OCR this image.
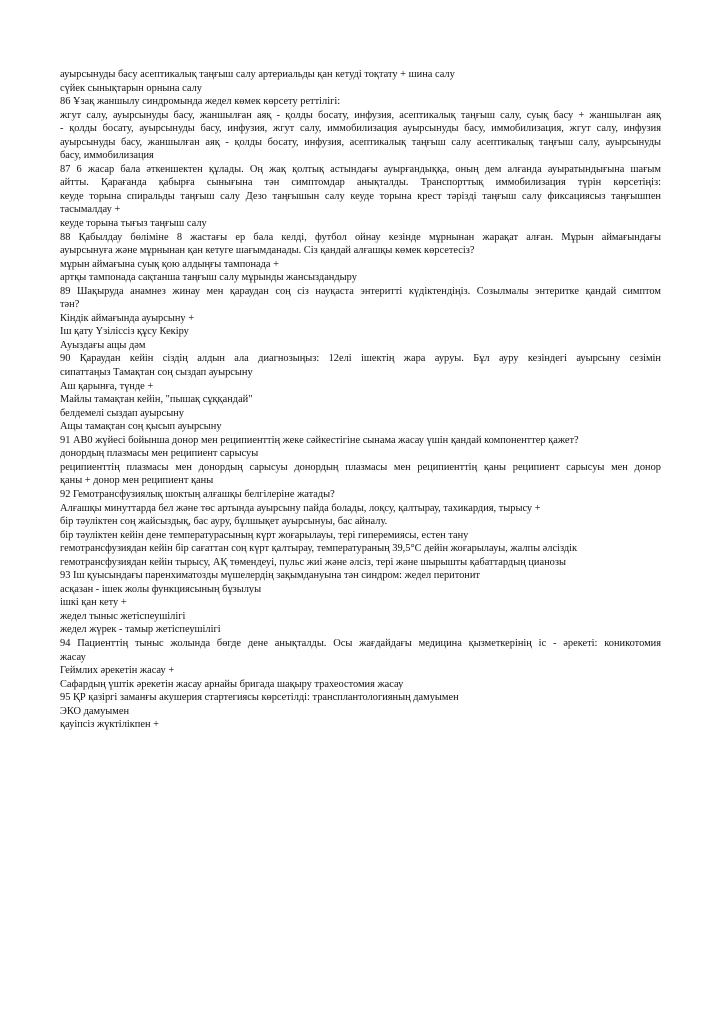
ауырсынуды басу асептикалық таңғыш салу артериальды қан кетуді тоқтату + шина салу
сүйек сынықтарын орнына салу
86 Ұзақ жаншылу синдромында жедел көмек көрсету реттілігі:
жгут салу, ауырсынуды басу, жаншылған аяқ - қолды босату, инфузия, асептикалық таңғыш салу, суық басу + жаншылған аяқ
- қолды босату, ауырсынуды басу, инфузия, жгут салу, иммобилизация ауырсынуды басу, иммобилизация, жгут салу, инфузия
ауырсынуды басу, жаншылған аяқ - қолды босату, инфузия, асептикалық таңғыш салу асептикалық таңғыш салу, ауырсынуды
басу, иммобилизация
87 6 жасар бала әткеншектен құлады. Оң жақ қолтық астындағы ауырғандыққа, оның дем алғанда ауыратындығына шағым
айтты. Қарағанда қабырға сынығына тән симптомдар анықталды. Транспорттық иммобилизация түрін көрсетіңіз:
кеуде торына спиральды таңғыш салу Дезо таңғышын салу кеуде торына крест тәрізді таңғыш салу фиксациясыз таңғышпен
тасымалдау +
кеуде торына тығыз таңғыш салу
88 Қабылдау бөліміне 8 жастағы ер бала келді, футбол ойнау кезінде мұрнынан жарақат алған. Мұрын аймағындағы
ауырсынуға және мұрнынан қан кетуге шағымданады. Сіз қандай алғашқы көмек көрсетесіз?
мұрын аймағына суық қою алдыңғы тампонада +
артқы тампонада сақтанша таңғыш салу мұрынды жансыздандыру
89 Шақыруда анамнез жинау мен қараудан соң сіз науқаста энтеритті күдіктендіңіз. Созылмалы энтеритке қандай симптом
тән?
Кіндік аймағында ауырсыну +
Іш қату Үзіліссіз құсу Кекіру
Ауыздағы ащы дәм
90 Қараудан кейін сіздің алдын ала диагнозыңыз: 12елі ішектің жара ауруы. Бұл ауру кезіндегі ауырсыну сезімін
сипаттаңыз Тамақтан соң сыздап ауырсыну
Аш қарынға, түнде +
Майлы тамақтан кейін, "пышақ сұққандай"
белдемелі сыздап ауырсыну
Ащы тамақтан соң қысып ауырсыну
91 АВ0 жүйесі бойынша донор мен реципиенттің жеке сәйкестігіне сынама жасау үшін қандай компоненттер қажет?
донордың плазмасы мен реципиент сарысуы
реципиенттің плазмасы мен донордың сарысуы донордың плазмасы мен реципиенттің қаны реципиент сарысуы мен донор
қаны + донор мен реципиент қаны
92 Гемотрансфузиялық шоктың алғашқы белгілеріне жатады?
Алғашқы минуттарда бел және төс артында ауырсыну пайда болады, лоқсу, қалтырау, тахикардия, тырысу +
бір тәуліктен соң жайсыздық, бас ауру, бұлшықет ауырсынуы, бас айналу.
бір тәуліктен кейін дене температурасының күрт жоғарылауы, тері гиперемиясы, естен тану
гемотрансфузиядан кейін бір сағаттан соң күрт қалтырау, температураның 39,5°С дейін жоғарылауы, жалпы әлсіздік
гемотрансфузиядан кейін тырысу, АҚ төмендеуі, пульс жиі және әлсіз, тері және шырышты қабаттардың цианозы
93 Іш қуысындағы паренхиматозды мүшелердің зақымдануына тән синдром: жедел перитонит
асқазан - ішек жолы функциясының бұзылуы
ішкі қан кету +
жедел тыныс жетіспеушілігі
жедел жүрек - тамыр жетіспеушілігі
94 Пациенттің тыныс жолында бөгде дене анықталды. Осы жағдайдағы медицина қызметкерінің іс - әрекеті: коникотомия
жасау
Геймлих әрекетін жасау +
Сафардың үштік әрекетін жасау арнайы бригада шақыру трахеостомия жасау
95 ҚР қазіргі заманғы акушерия стартегиясы көрсетілді: трансплантологияның дамуымен
ЭКО дамуымен
қауіпсіз жүктілікпен +
